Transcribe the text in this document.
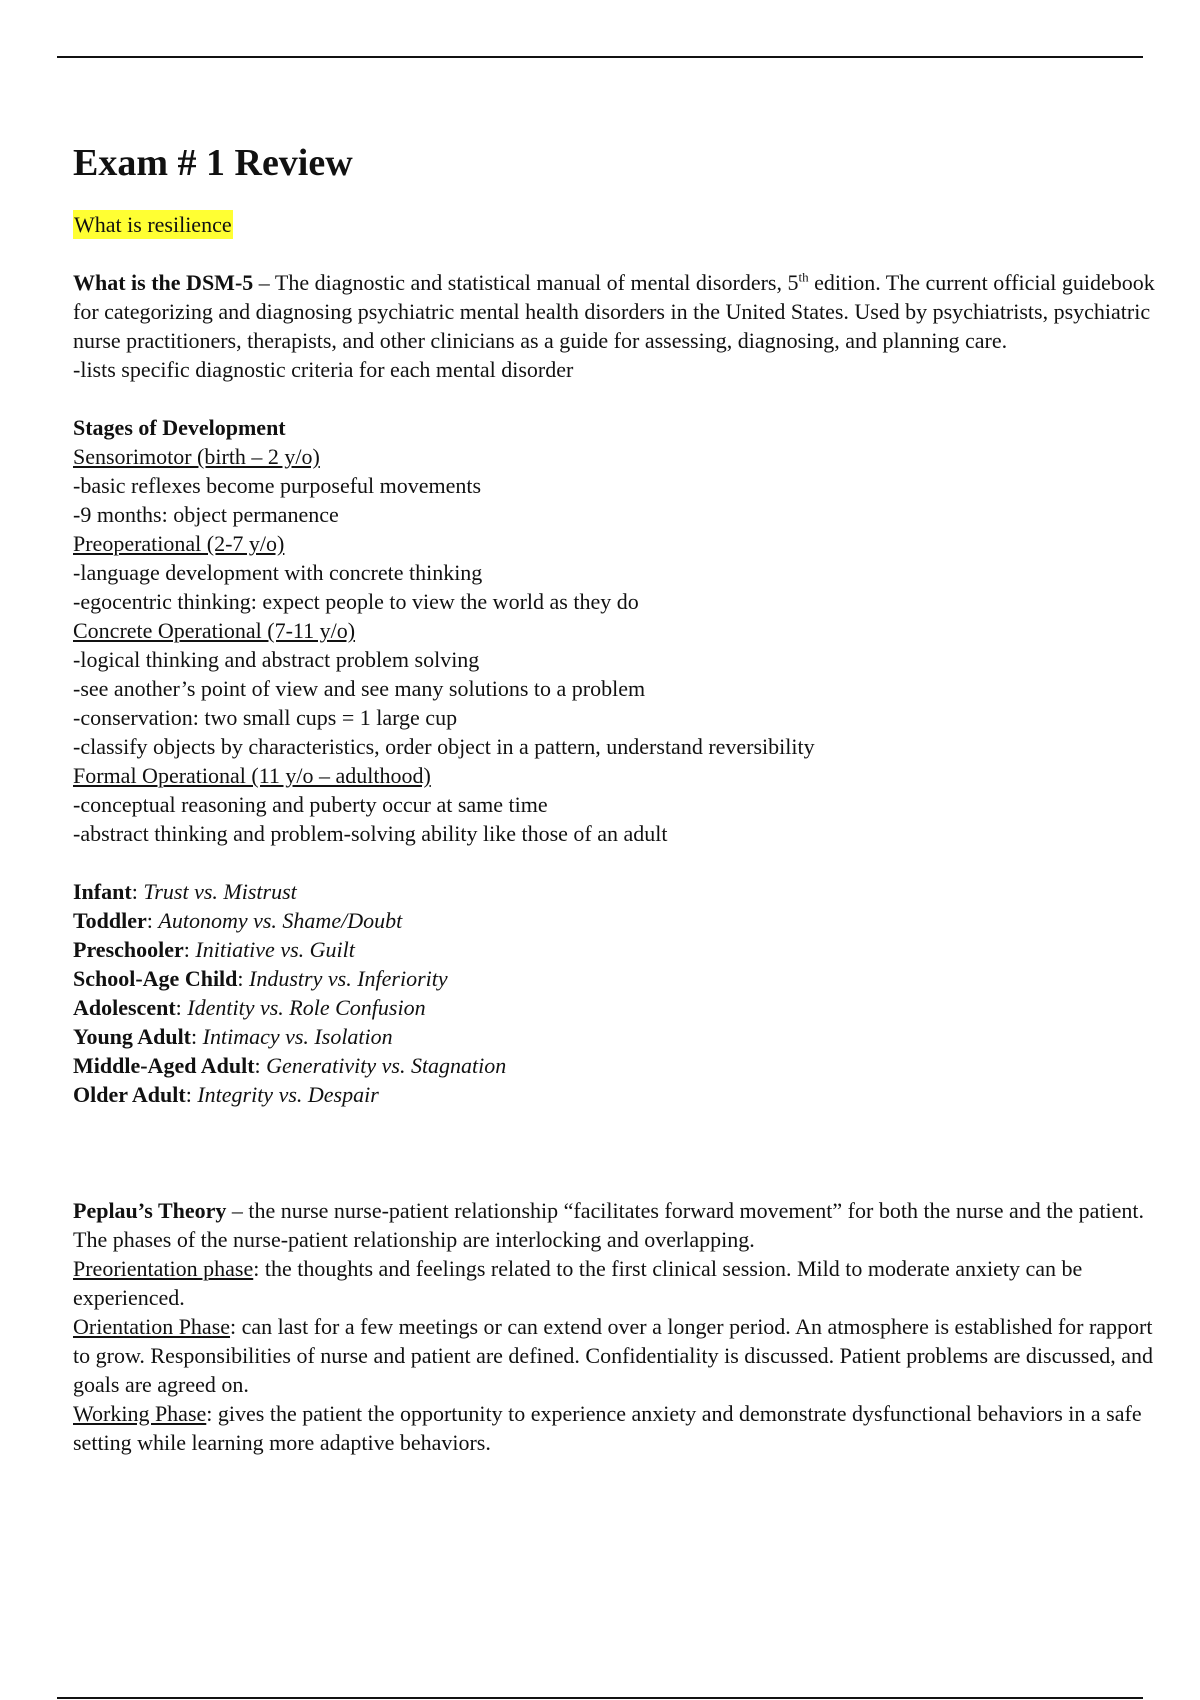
Exam # 1 Review

What is resilience

What is the DSM-5 – The diagnostic and statistical manual of mental disorders, 5th edition. The current official guidebook for categorizing and diagnosing psychiatric mental health disorders in the United States. Used by psychiatrists, psychiatric nurse practitioners, therapists, and other clinicians as a guide for assessing, diagnosing, and planning care.

-lists specific diagnostic criteria for each mental disorder

Stages of Development

Sensorimotor (birth – 2 y/o)

-basic reflexes become purposeful movements

-9 months: object permanence

Preoperational (2-7 y/o)

-language development with concrete thinking

-egocentric thinking: expect people to view the world as they do

Concrete Operational (7-11 y/o)

-logical thinking and abstract problem solving

-see another’s point of view and see many solutions to a problem

-conservation: two small cups = 1 large cup

-classify objects by characteristics, order object in a pattern, understand reversibility

Formal Operational (11 y/o – adulthood)

-conceptual reasoning and puberty occur at same time

-abstract thinking and problem-solving ability like those of an adult

Infant: Trust vs. Mistrust

Toddler: Autonomy vs. Shame/Doubt

Preschooler: Initiative vs. Guilt

School-Age Child: Industry vs. Inferiority

Adolescent: Identity vs. Role Confusion

Young Adult: Intimacy vs. Isolation

Middle-Aged Adult: Generativity vs. Stagnation

Older Adult: Integrity vs. Despair

Peplau’s Theory – the nurse nurse-patient relationship “facilitates forward movement” for both the nurse and the patient. The phases of the nurse-patient relationship are interlocking and overlapping.

Preorientation phase: the thoughts and feelings related to the first clinical session. Mild to moderate anxiety can be experienced.

Orientation Phase: can last for a few meetings or can extend over a longer period. An atmosphere is established for rapport to grow. Responsibilities of nurse and patient are defined. Confidentiality is discussed. Patient problems are discussed, and goals are agreed on.

Working Phase: gives the patient the opportunity to experience anxiety and demonstrate dysfunctional behaviors in a safe setting while learning more adaptive behaviors.
